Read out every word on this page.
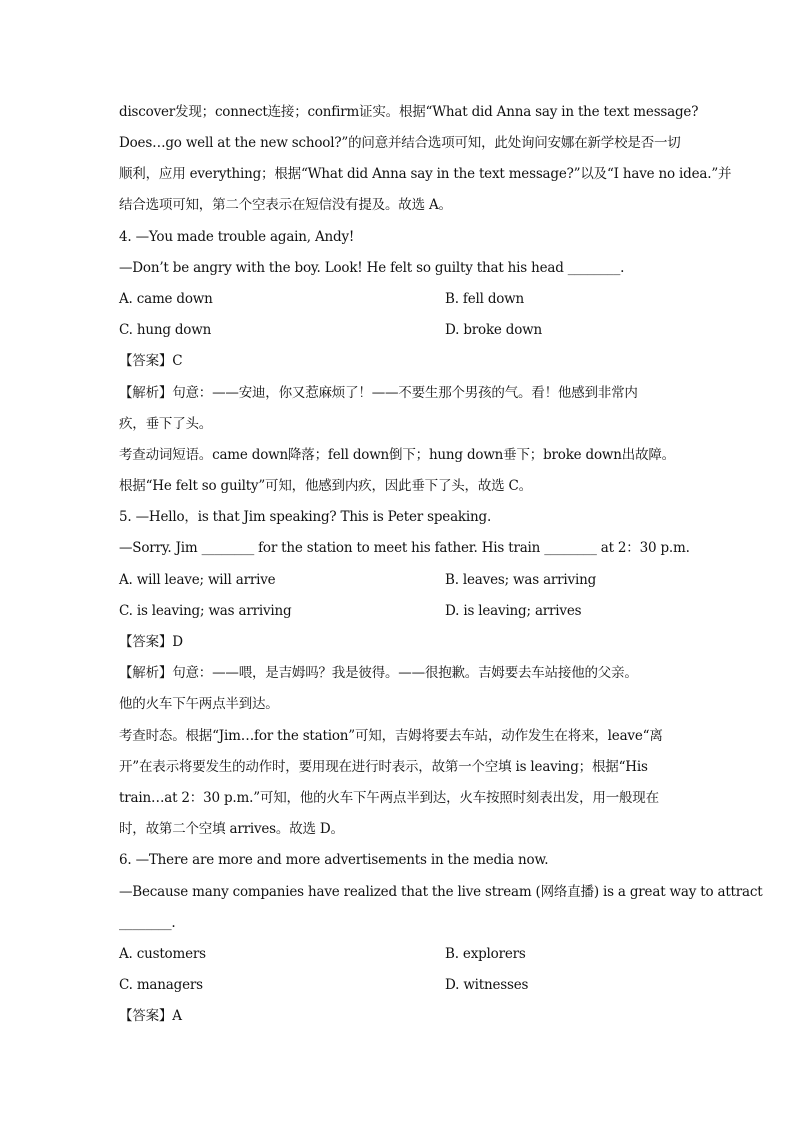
discover发现；connect连接；confirm证实。根据“What did Anna say in the text message?
Does…go well at the new school?”的问意并结合选项可知，此处询问安娜在新学校是否一切
顺利，应用 everything；根据“What did Anna say in the text message?”以及“I have no idea.”并
结合选项可知，第二个空表示在短信没有提及。故选 A。
4. —You made trouble again, Andy!
—Don’t be angry with the boy. Look! He felt so guilty that his head ________.
A. came down	B. fell down
C. hung down	D. broke down
【答案】C
【解析】句意：——安迪，你又惹麻烦了！——不要生那个男孩的气。看！他感到非常内
疚，垂下了头。
考查动词短语。came down降落；fell down倒下；hung down垂下；broke down出故障。
根据“He felt so guilty”可知，他感到内疚，因此垂下了头，故选 C。
5. —Hello，is that Jim speaking? This is Peter speaking.
—Sorry. Jim ________ for the station to meet his father. His train ________ at 2：30 p.m.
A. will leave; will arrive	B. leaves; was arriving
C. is leaving; was arriving	D. is leaving; arrives
【答案】D
【解析】句意：——喂，是吉姆吗？我是彼得。——很抱歉。吉姆要去车站接他的父亲。
他的火车下午两点半到达。
考查时态。根据“Jim…for the station”可知，吉姆将要去车站，动作发生在将来，leave“离
开”在表示将要发生的动作时，要用现在进行时表示，故第一个空填 is leaving；根据“His
train…at 2：30 p.m.”可知，他的火车下午两点半到达，火车按照时刻表出发，用一般现在
时，故第二个空填 arrives。故选 D。
6. —There are more and more advertisements in the media now.
—Because many companies have realized that the live stream (网络直播) is a great way to attract
________.
A. customers	B. explorers
C. managers	D. witnesses
【答案】A
